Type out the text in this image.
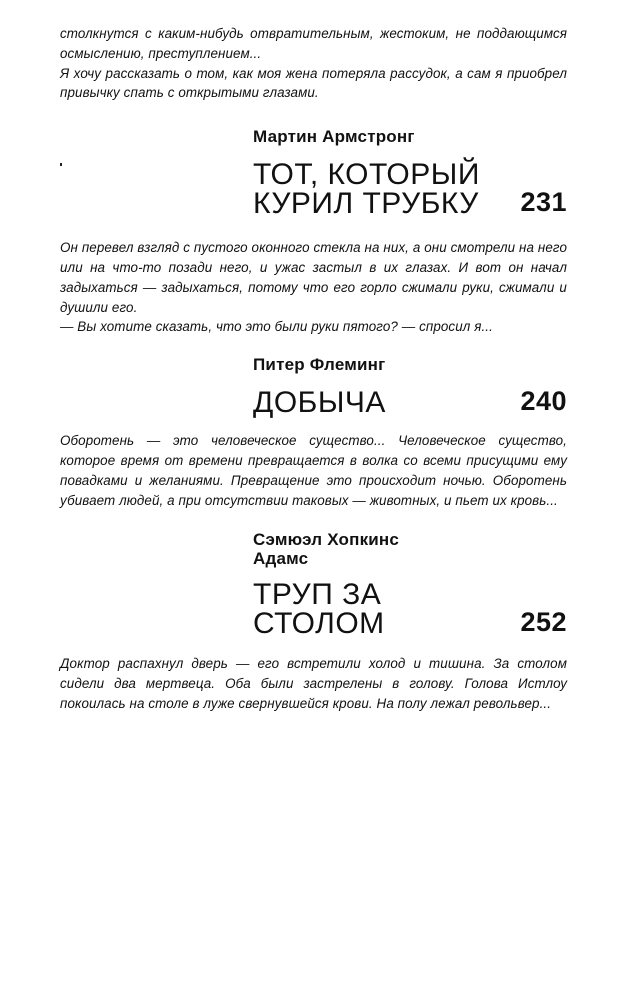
столкнутся с каким-нибудь отвратительным, жестоким, не поддающимся осмыслению, преступлением...

Я хочу рассказать о том, как моя жена потеряла рассудок, а сам я приобрел привычку спать с открытыми глазами.

Мартин Армстронг
ТОТ, КОТОРЫЙ
КУРИЛ ТРУБКУ	231

Он перевел взгляд с пустого оконного стекла на них, а они смотрели на него или на что-то позади него, и ужас застыл в их глазах. И вот он начал задыхаться — задыхаться, потому что его горло сжимали руки, сжимали и душили его.

— Вы хотите сказать, что это были руки пятого? — спросил я...

Питер Флеминг
ДОБЫЧА	240

Оборотень — это человеческое существо... Человеческое существо, которое время от времени превращается в волка со всеми присущими ему повадками и желаниями. Превращение это происходит ночью. Оборотень убивает людей, а при отсутствии таковых — животных, и пьет их кровь...

Сэмюэл Хопкинс
Адамс
ТРУП ЗА
СТОЛОМ	252

Доктор распахнул дверь — его встретили холод и тишина. За столом сидели два мертвеца. Оба были застрелены в голову. Голова Истлоу покоилась на столе в луже свернувшейся крови. На полу лежал револьвер...
